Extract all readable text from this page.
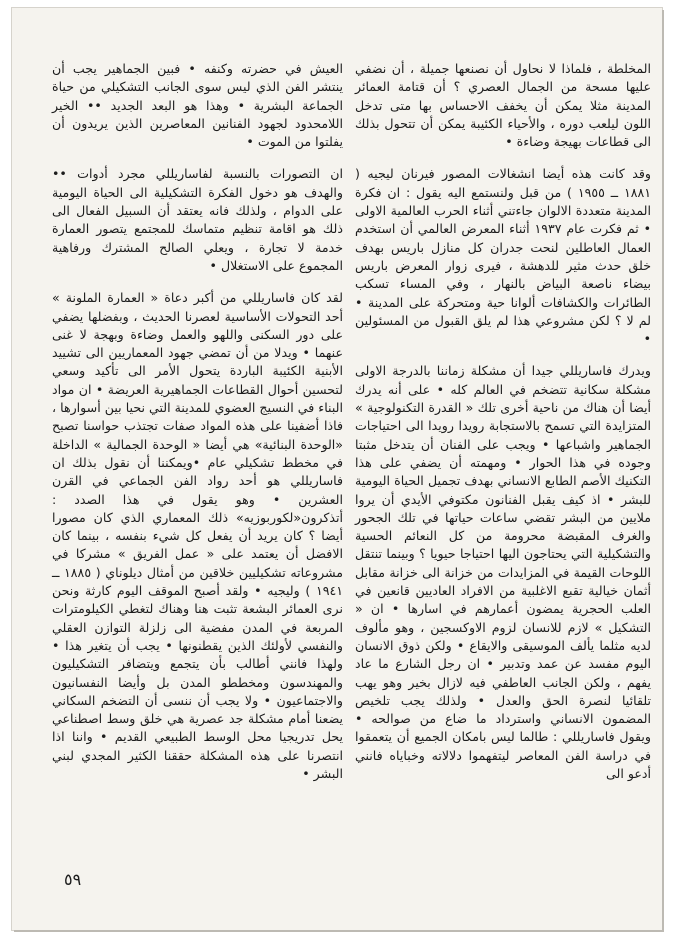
المخلطة ، فلماذا لا نحاول أن نصنعها جميلة ، أن نضفي عليها مسحة من الجمال العصري ؟ أن قتامة العمائر المدينة مثلا يمكن أن يخفف الاحساس بها متى تدخل اللون ليلعب دوره ، والأحياء الكئيبة يمكن أن تتحول بذلك الى قطاعات بهيجة وضاءة •

وقد كانت هذه أيضا انشغالات المصور فيرنان ليجيه ( ١٨٨١ ــ ١٩٥٥ ) من قبل ولنستمع اليه يقول : ان فكرة المدينة متعددة الالوان جاءتني أثناء الحرب العالمية الاولى • ثم فكرت عام ١٩٣٧ أثناء المعرض العالمي أن استخدم العمال العاطلين لنحت جدران كل منازل باريس بهدف خلق حدث مثير للدهشة ، فيرى زوار المعرض باريس بيضاء ناصعة البياض بالنهار ، وفي المساء تسكب الطائرات والكشافات ألوانا حية ومتحركة على المدينة • لم لا ؟ لكن مشروعي هذا لم يلق القبول من المسئولين •

ويدرك فاساريللي جيدا أن مشكلة زماننا بالدرجة الاولى مشكلة سكانية تتضخم في العالم كله • على أنه يدرك أيضا أن هناك من ناحية أخرى تلك « القدرة التكنولوجية » المتزايدة التي تسمح بالاستجابة رويدا رويدا الى احتياجات الجماهير واشباعها • ويجب على الفنان أن يتدخل مثبتا وجوده في هذا الحوار • ومهمته أن يضفي على هذا التكنيك الأصم الطابع الانساني بهدف تجميل الحياة اليومية للبشر • اذ كيف يقبل الفنانون مكتوفي الأيدي أن يروا ملايين من البشر تقضي ساعات حياتها في تلك الجحور والغرف المقبضة محرومة من كل النعائم الحسية والتشكيلية التي يحتاجون اليها احتياجا حيويا ؟ وبينما تنتقل اللوحات القيمة في المزايدات من خزانة الى خزانة مقابل أثمان خيالية تقبع الاغلبية من الافراد العاديين قانعين في العلب الحجرية يمضون أعمارهم في اسارها • ان « التشكيل » لازم للانسان لزوم الاوكسجين ، وهو مألوف لديه مثلما يألف الموسيقى والايقاع • ولكن ذوق الانسان اليوم مفسد عن عمد وتدبير • ان رجل الشارع ما عاد يفهم ، ولكن الجانب العاطفي فيه لازال بخير وهو يهب تلقائيا لنصرة الحق والعدل • ولذلك يجب تلخيص المضمون الانساني واسترداد ما ضاع من صوالحه • ويقول فاساريللي : طالما ليس بامكان الجميع أن يتعمقوا في دراسة الفن المعاصر ليتفهموا دلالاته وخباياه فانني أدعو الى

العيش في حضرته وكنفه • فبين الجماهير يجب أن ينتشر الفن الذي ليس سوى الجانب التشكيلي من حياة الجماعة البشرية • وهذا هو البعد الجديد •• الخير اللامحدود لجهود الفنانين المعاصرين الذين يريدون أن يفلتوا من الموت •

ان التصورات بالنسبة لفاساريللي مجرد أدوات •• والهدف هو دخول الفكرة التشكيلية الى الحياة اليومية على الدوام ، ولذلك فانه يعتقد أن السبيل الفعال الى ذلك هو اقامة تنظيم متماسك للمجتمع يتصور العمارة خدمة لا تجارة ، ويعلي الصالح المشترك ورفاهية المجموع على الاستغلال •

لقد كان فاساريللي من أكبر دعاة « العمارة الملونة » أحد التحولات الأساسية لعصرنا الحديث ، وبفضلها يضفي على دور السكنى واللهو والعمل وضاءة وبهجة لا غنى عنهما • ويدلا من أن تمضي جهود المعماريين الى تشييد الأبنية الكئيبة الباردة يتحول الأمر الى تأكيد وسعي لتحسين أحوال القطاعات الجماهيرية العريضة • ان مواد البناء في النسيج العضوي للمدينة التي نحيا بين أسوارها ، فاذا أضفينا على هذه المواد صفات تجتذب حواسنا تصبح «الوحدة البنائية» هي أيضا « الوحدة الجمالية » الداخلة في مخطط تشكيلي عام •ويمكننا أن نقول بذلك ان فاساريللي هو أحد رواد الفن الجماعي في القرن العشرين • وهو يقول في هذا الصدد : أتذكرون«لكوربوزيه» ذلك المعماري الذي كان مصورا أيضا ؟ كان يريد أن يفعل كل شيء بنفسه ، بينما كان الافضل أن يعتمد على « عمل الفريق » مشركا في مشروعاته تشكيليين خلاقين من أمثال ديلوناي ( ١٨٨٥ ــ ١٩٤١ ) وليجيه • ولقد أصبح الموقف اليوم كارثة ونحن نرى العمائر البشعة تثبت هنا وهناك لتغطي الكيلومترات المربعة في المدن مفضية الى زلزلة التوازن العقلي والنفسي لأولئك الذين يقطنونها • يجب أن يتغير هذا • ولهذا فانني أطالب بأن يتجمع ويتضافر التشكيليون والمهندسون ومخططو المدن بل وأيضا النفسانيون والاجتماعيون • ولا يجب أن ننسى أن التضخم السكاني يضعنا أمام مشكلة جد عصرية هي خلق وسط اصطناعي يحل تدريجيا محل الوسط الطبيعي القديم • واننا اذا انتصرنا على هذه المشكلة حققنا الكثير المجدي لبني البشر •

٥٩
